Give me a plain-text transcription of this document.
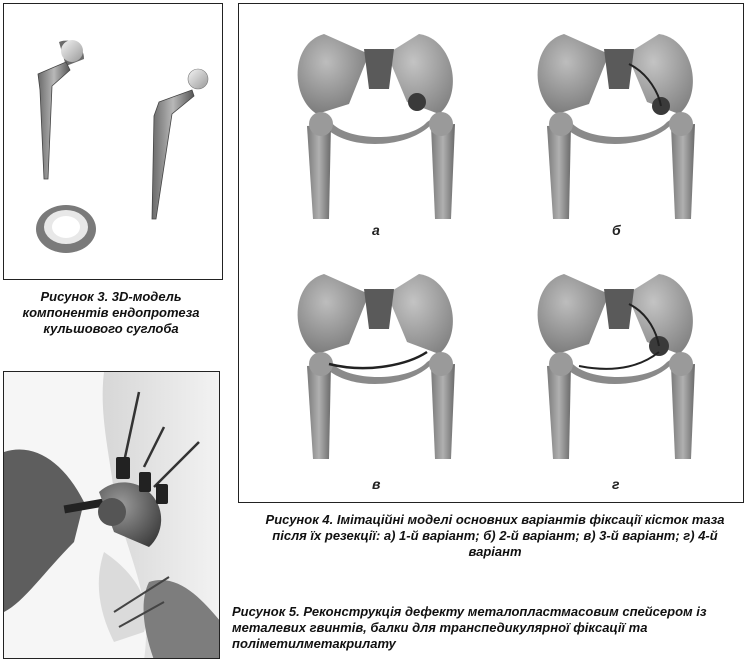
Рисунок 3. 3D-модель компонентів ендопротеза кульшового суглоба
а	б
в	г
Рисунок 4. Імітаційні моделі основних варіантів фіксації кісток таза після їх резекції: а) 1-й варіант; б) 2-й варіант; в) 3-й варіант; г) 4-й варіант
Рисунок 5. Реконструкція дефекту металопластмасовим спейсером із металевих гвинтів, балки для транспедикулярної фіксації та поліметилметакрилату
